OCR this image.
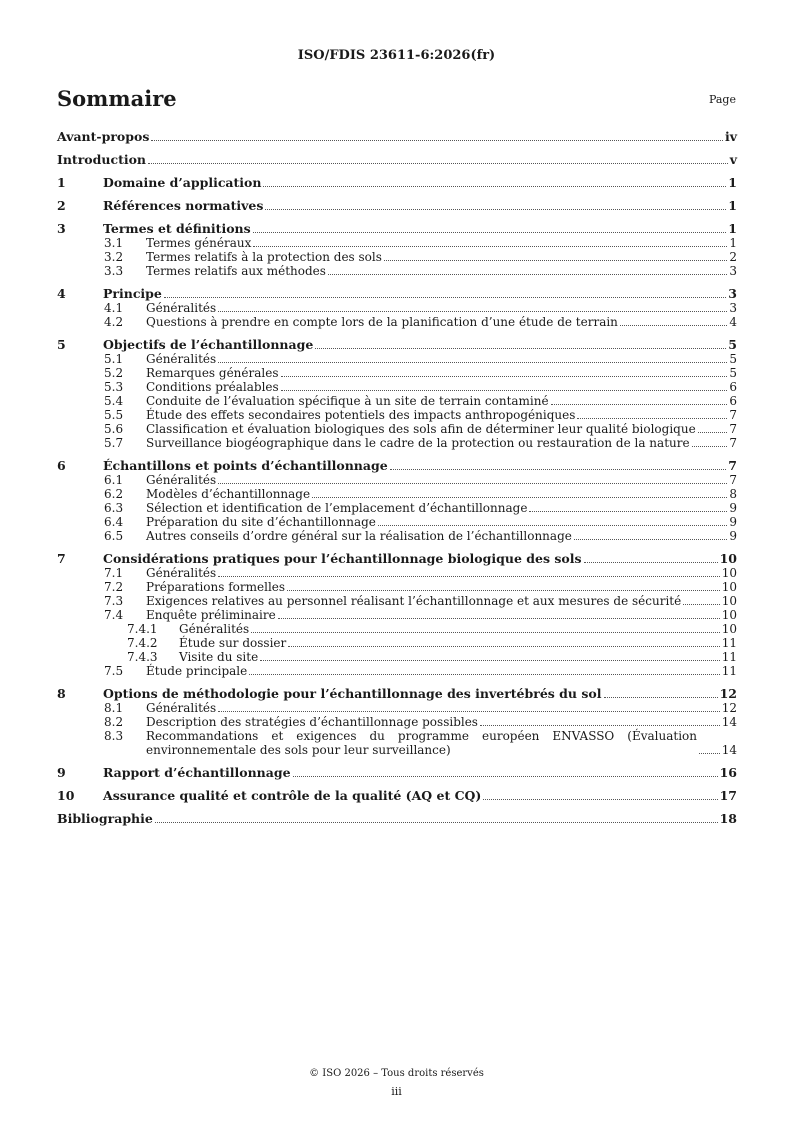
ISO/FDIS 23611-6:2026(fr)
Sommaire	Page
Avant-propos	iv
Introduction	v
1	Domaine d’application	1
2	Références normatives	1
3	Termes et définitions	1
3.1 Termes généraux	1
3.2 Termes relatifs à la protection des sols	2
3.3 Termes relatifs aux méthodes	3
4	Principe	3
4.1 Généralités	3
4.2 Questions à prendre en compte lors de la planification d’une étude de terrain	4
5	Objectifs de l’échantillonnage	5
5.1 Généralités	5
5.2 Remarques générales	5
5.3 Conditions préalables	6
5.4 Conduite de l’évaluation spécifique à un site de terrain contaminé	6
5.5 Étude des effets secondaires potentiels des impacts anthropogéniques	7
5.6 Classification et évaluation biologiques des sols afin de déterminer leur qualité biologique	7
5.7 Surveillance biogéographique dans le cadre de la protection ou restauration de la nature	7
6	Échantillons et points d’échantillonnage	7
6.1 Généralités	7
6.2 Modèles d’échantillonnage	8
6.3 Sélection et identification de l’emplacement d’échantillonnage	9
6.4 Préparation du site d’échantillonnage	9
6.5 Autres conseils d’ordre général sur la réalisation de l’échantillonnage	9
7	Considérations pratiques pour l’échantillonnage biologique des sols	10
7.1 Généralités	10
7.2 Préparations formelles	10
7.3 Exigences relatives au personnel réalisant l’échantillonnage et aux mesures de sécurité	10
7.4 Enquête préliminaire	10
7.4.1 Généralités	10
7.4.2 Étude sur dossier	11
7.4.3 Visite du site	11
7.5 Étude principale	11
8	Options de méthodologie pour l’échantillonnage des invertébrés du sol	12
8.1 Généralités	12
8.2 Description des stratégies d’échantillonnage possibles	14
8.3 Recommandations et exigences du programme européen ENVASSO (Évaluation environnementale des sols pour leur surveillance)	14
9	Rapport d’échantillonnage	16
10 Assurance qualité et contrôle de la qualité (AQ et CQ)	17
Bibliographie	18
© ISO 2026 – Tous droits réservés
iii
